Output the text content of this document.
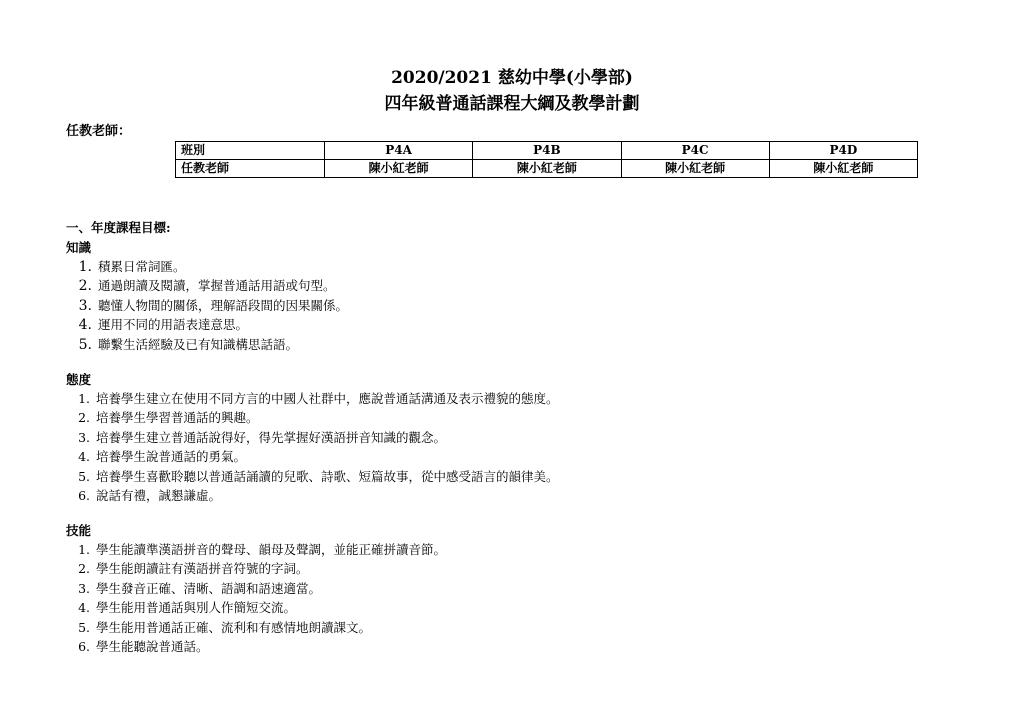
2020/2021 慈幼中學(小學部)
四年級普通話課程大綱及教學計劃
任教老師：
班別	P4A	P4B	P4C	P4D
任教老師	陳小紅老師	陳小紅老師	陳小紅老師	陳小紅老師
一、年度課程目標:
知識
1. 積累日常詞匯。
2. 通過朗讀及閱讀，掌握普通話用語或句型。
3. 聽懂人物間的關係，理解語段間的因果關係。
4. 運用不同的用語表達意思。
5. 聯繫生活經驗及已有知識構思話語。
態度
1. 培養學生建立在使用不同方言的中國人社群中，應說普通話溝通及表示禮貌的態度。
2. 培養學生學習普通話的興趣。
3. 培養學生建立普通話說得好，得先掌握好漢語拼音知識的觀念。
4. 培養學生說普通話的勇氣。
5. 培養學生喜歡聆聽以普通話誦讀的兒歌、詩歌、短篇故事，從中感受語言的韻律美。
6. 說話有禮，誠懇謙虛。
技能
1. 學生能讀準漢語拼音的聲母、韻母及聲調，並能正確拼讀音節。
2. 學生能朗讀註有漢語拼音符號的字詞。
3. 學生發音正確、清晰、語調和語速適當。
4. 學生能用普通話與別人作簡短交流。
5. 學生能用普通話正確、流利和有感情地朗讀課文。
6. 學生能聽說普通話。
